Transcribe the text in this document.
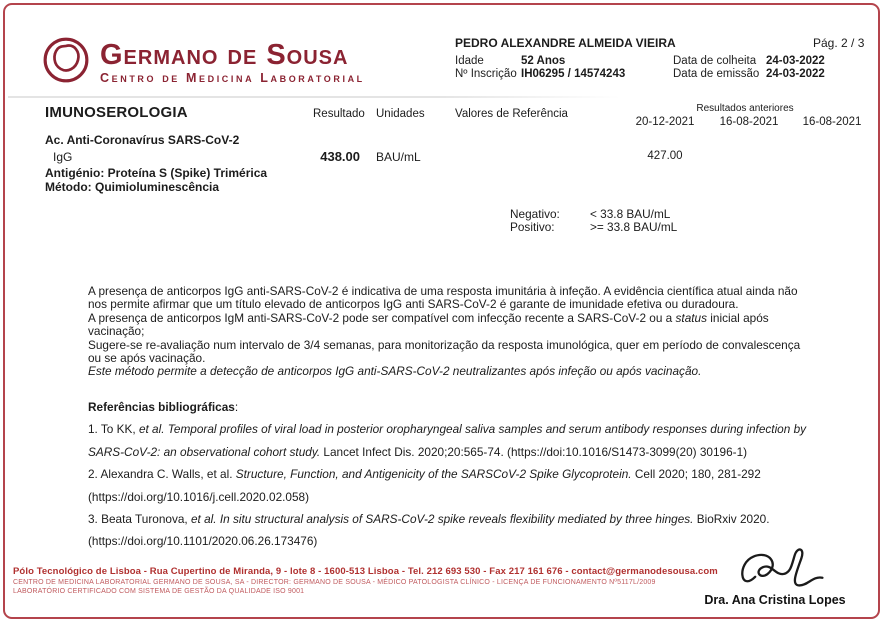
Germano de Sousa
Centro de Medicina Laboratorial
PEDRO ALEXANDRE ALMEIDA VIEIRA	Pág. 2 / 3
Idade	52 Anos
Nº Inscrição IH06295 / 14574243
Data de colheita 24-03-2022
Data de emissão 24-03-2022
IMUNOSEROLOGIA	Resultado Unidades	Valores de Referência	Resultados anteriores
20-12-2021	16-08-2021	16-08-2021
Ac. Anti-Coronavírus SARS-CoV-2
IgG	438.00 BAU/mL	427.00
Antigénio: Proteína S (Spike) Trimérica
Método: Quimioluminescência
Negativo:	< 33.8 BAU/mL
Positivo:	>= 33.8 BAU/mL

A presença de anticorpos IgG anti-SARS-CoV-2 é indicativa de uma resposta imunitária à infeção. A evidência científica atual ainda não nos permite afirmar que um título elevado de anticorpos IgG anti SARS-CoV-2 é garante de imunidade efetiva ou duradoura.

A presença de anticorpos IgM anti-SARS-CoV-2 pode ser compatível com infecção recente a SARS-CoV-2 ou a status inicial após vacinação;

Sugere-se re-avaliação num intervalo de 3/4 semanas, para monitorização da resposta imunológica, quer em período de convalescença ou se após vacinação.

Este método permite a detecção de anticorpos IgG anti-SARS-CoV-2 neutralizantes após infeção ou após vacinação.

Referências bibliográficas:

1. To KK, et al. Temporal profiles of viral load in posterior oropharyngeal saliva samples and serum antibody responses during infection by SARS-CoV-2: an observational cohort study. Lancet Infect Dis. 2020;20:565-74. (https://doi:10.1016/S1473-3099(20) 30196-1)

2. Alexandra C. Walls, et al. Structure, Function, and Antigenicity of the SARSCoV-2 Spike Glycoprotein. Cell 2020; 180, 281-292 (https://doi.org/10.1016/j.cell.2020.02.058)

3. Beata Turonova, et al. In situ structural analysis of SARS-CoV-2 spike reveals flexibility mediated by three hinges. BioRxiv 2020. (https://doi.org/10.1101/2020.06.26.173476)

Pólo Tecnológico de Lisboa - Rua Cupertino de Miranda, 9 - lote 8 - 1600-513 Lisboa - Tel. 212 693 530 - Fax 217 161 676 - contact@germanodesousa.com
CENTRO DE MEDICINA LABORATORIAL GERMANO DE SOUSA, SA - DIRECTOR: GERMANO DE SOUSA - MÉDICO PATOLOGISTA CLÍNICO - LICENÇA DE FUNCIONAMENTO Nº5117L/2009
LABORATÓRIO CERTIFICADO COM SISTEMA DE GESTÃO DA QUALIDADE ISO 9001
Dra. Ana Cristina Lopes
